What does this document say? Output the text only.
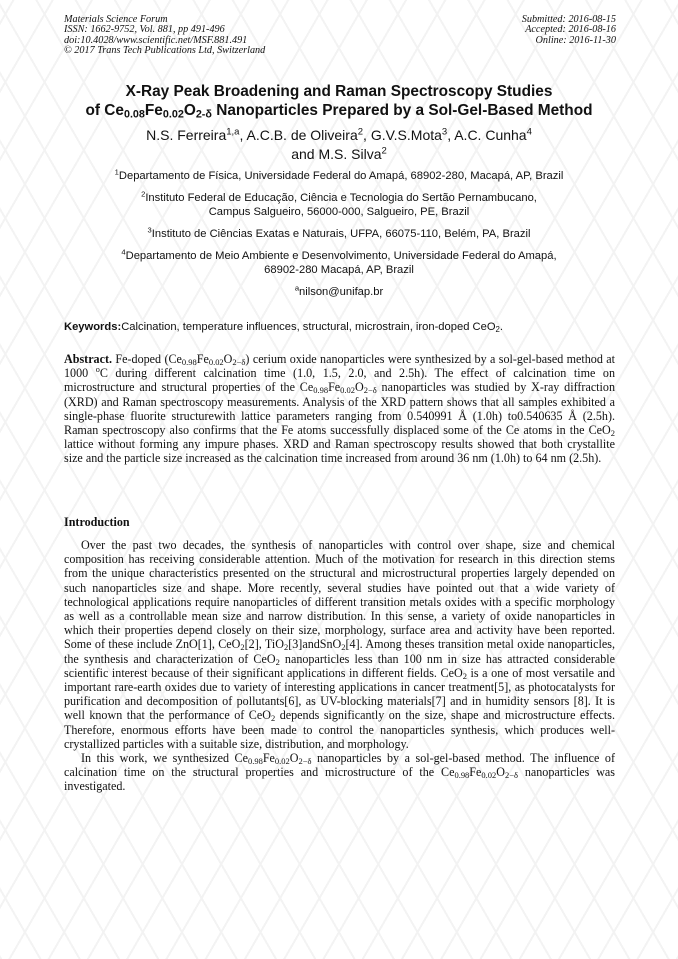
Materials Science Forum
ISSN: 1662-9752, Vol. 881, pp 491-496
doi:10.4028/www.scientific.net/MSF.881.491
© 2017 Trans Tech Publications Ltd, Switzerland
Submitted: 2016-08-15
Accepted: 2016-08-16
Online: 2016-11-30
X-Ray Peak Broadening and Raman Spectroscopy Studies
of $Ce_{0.08}Fe_{0.02}O_{2-\delta}$ Nanoparticles Prepared by a Sol-Gel-Based Method
N.S. Ferreira$^{1,a}$, A.C.B. de Oliveira$^2$, G.V.S.Mota$^3$, A.C. Cunha$^4$
and M.S. Silva$^2$
$^1$Departamento de Física, Universidade Federal do Amapá, 68902-280, Macapá, AP, Brazil
$^2$Instituto Federal de Educação, Ciência e Tecnologia do Sertão Pernambucano,
Campus Salgueiro, 56000-000, Salgueiro, PE, Brazil
$^3$Instituto de Ciências Exatas e Naturais, UFPA, 66075-110, Belém, PA, Brazil
$^4$Departamento de Meio Ambiente e Desenvolvimento, Universidade Federal do Amapá,
68902-280 Macapá, AP, Brazil
$^a$nilson@unifap.br
Keywords:Calcination, temperature influences, structural, microstrain, iron-doped CeO$_2$.
Abstract. Fe-doped $(Ce_{0.98}Fe_{0.02}O_{2-\delta})$ cerium oxide nanoparticles were synthesized by a sol-gel-based method at 1000 $^o$C during different calcination time (1.0, 1.5, 2.0, and 2.5h). The effect of calcination time on microstructure and structural properties of the $Ce_{0.98}Fe_{0.02}O_{2-\delta}$ nanoparticles was studied by X-ray diffraction (XRD) and Raman spectroscopy measurements. Analysis of the XRD pattern shows that all samples exhibited a single-phase fluorite structurewith lattice parameters ranging from 0.540991 Å (1.0h) to0.540635 Å (2.5h). Raman spectroscopy also confirms that the Fe atoms successfully displaced some of the Ce atoms in the CeO$_2$ lattice without forming any impure phases. XRD and Raman spectroscopy results showed that both crystallite size and the particle size increased as the calcination time increased from around 36 nm (1.0h) to 64 nm (2.5h).
Introduction

Over the past two decades, the synthesis of nanoparticles with control over shape, size and chemical composition has receiving considerable attention. Much of the motivation for research in this direction stems from the unique characteristics presented on the structural and microstructural properties largely depended on such nanoparticles size and shape. More recently, several studies have pointed out that a wide variety of technological applications require nanoparticles of different transition metals oxides with a specific morphology as well as a controllable mean size and narrow distribution. In this sense, a variety of oxide nanoparticles in which their properties depend closely on their size, morphology, surface area and activity have been reported. Some of these include ZnO[1], CeO$_2$[2], TiO$_2$[3]andSnO$_2$[4]. Among theses transition metal oxide nanoparticles, the synthesis and characterization of CeO$_2$ nanoparticles less than 100 nm in size has attracted considerable scientific interest because of their significant applications in different fields. CeO$_2$ is a one of most versatile and important rare-earth oxides due to variety of interesting applications in cancer treatment[5], as photocatalysts for purification and decomposition of pollutants[6], as UV-blocking materials[7] and in humidity sensors [8]. It is well known that the performance of CeO$_2$ depends significantly on the size, shape and microstructure effects. Therefore, enormous efforts have been made to control the nanoparticles synthesis, which produces well-crystallized particles with a suitable size, distribution, and morphology.

In this work, we synthesized $Ce_{0.98}Fe_{0.02}O_{2-\delta}$ nanoparticles by a sol-gel-based method. The influence of calcination time on the structural properties and microstructure of the $Ce_{0.98}Fe_{0.02}O_{2-\delta}$ nanoparticles was investigated.
